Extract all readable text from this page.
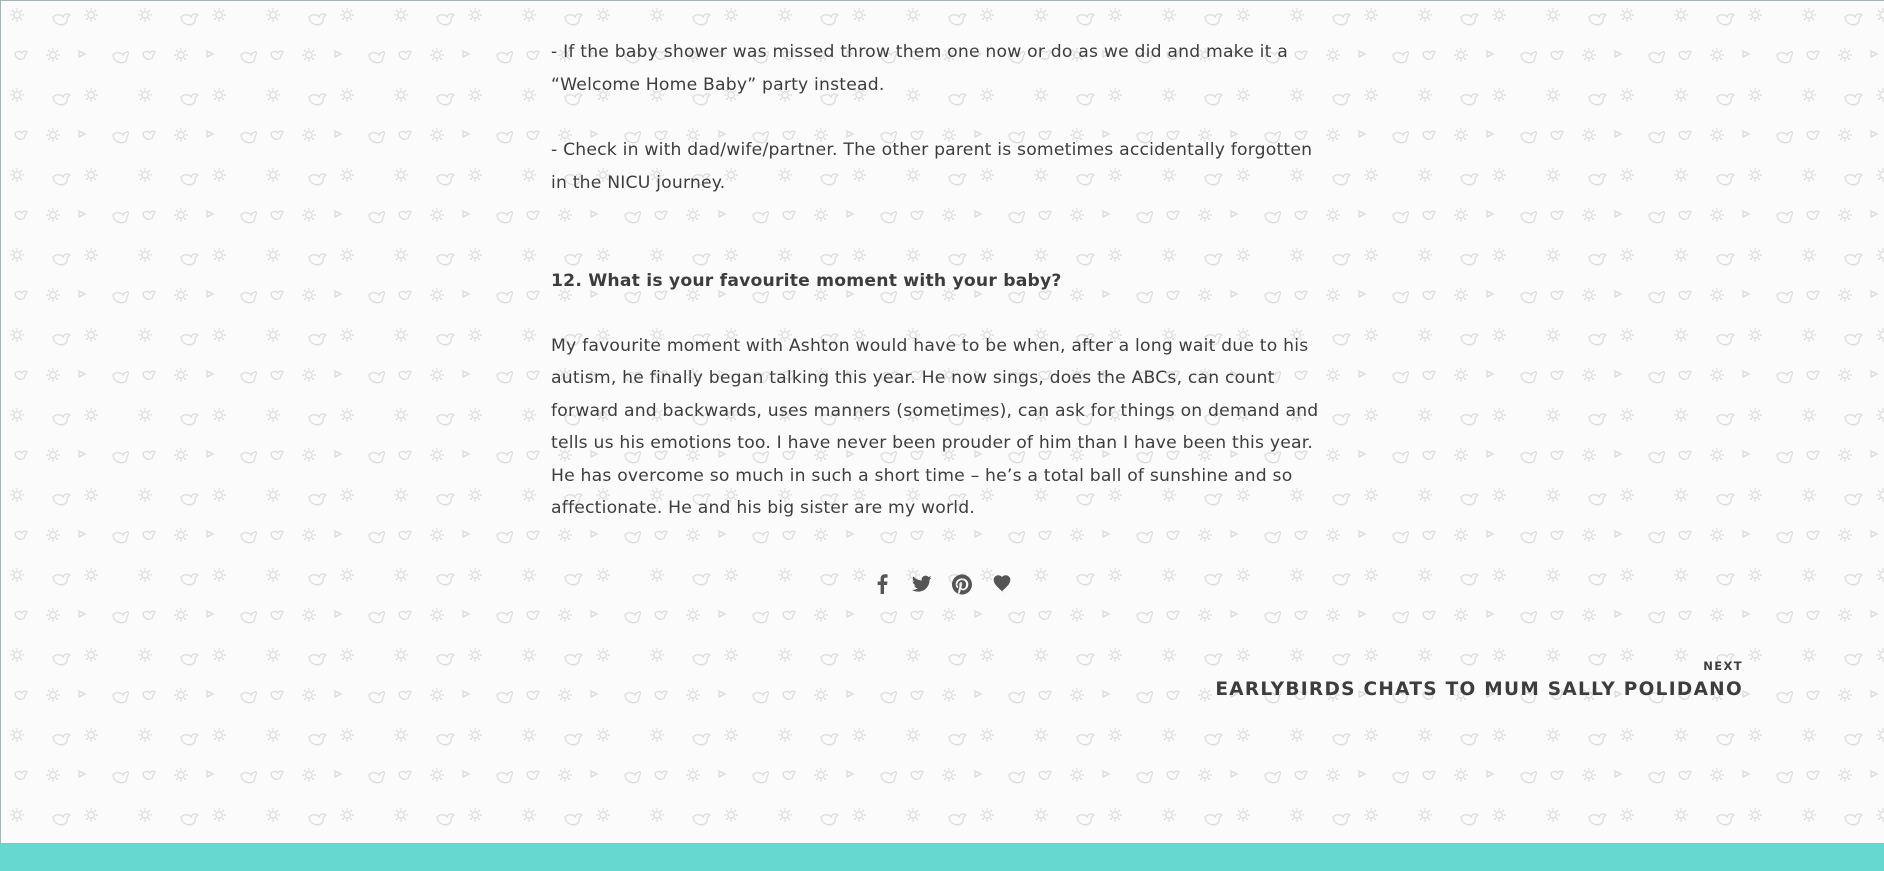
- If the baby shower was missed throw them one now or do as we did and make it a “Welcome Home Baby” party instead.

- Check in with dad/wife/partner. The other parent is sometimes accidentally forgotten in the NICU journey.

12. What is your favourite moment with your baby?

My favourite moment with Ashton would have to be when, after a long wait due to his autism, he finally began talking this year. He now sings, does the ABCs, can count forward and backwards, uses manners (sometimes), can ask for things on demand and tells us his emotions too. I have never been prouder of him than I have been this year. He has overcome so much in such a short time – he’s a total ball of sunshine and so affectionate. He and his big sister are my world.

NEXT
EARLYBIRDS CHATS TO MUM SALLY POLIDANO
